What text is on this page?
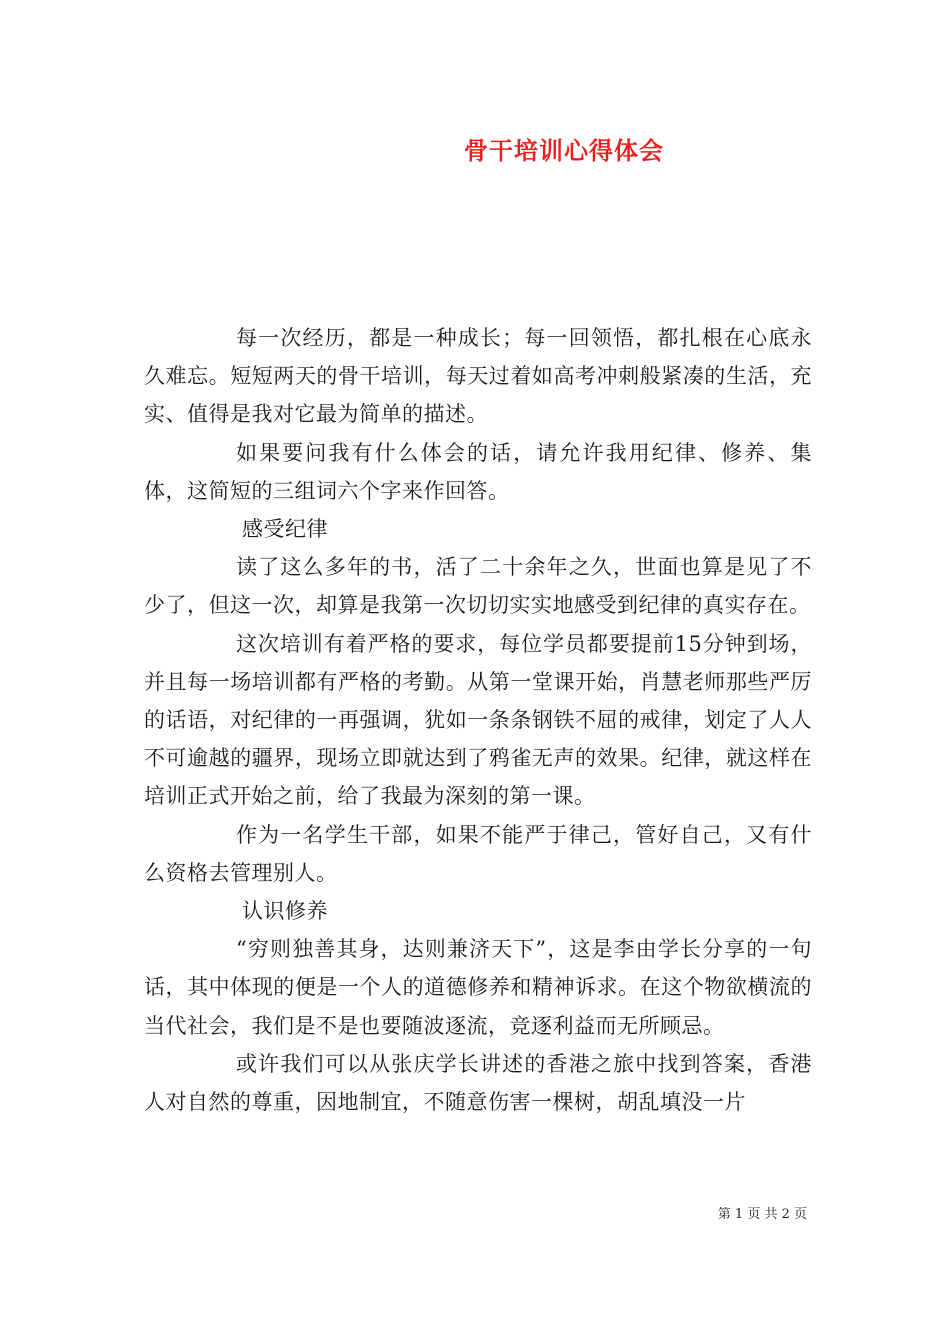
骨干培训心得体会

每一次经历，都是一种成长；每一回领悟，都扎根在心底永久难忘。短短两天的骨干培训，每天过着如高考冲刺般紧凑的生活，充实、值得是我对它最为简单的描述。

如果要问我有什么体会的话，请允许我用纪律、修养、集体，这简短的三组词六个字来作回答。

感受纪律

读了这么多年的书，活了二十余年之久，世面也算是见了不少了，但这一次，却算是我第一次切切实实地感受到纪律的真实存在。

这次培训有着严格的要求，每位学员都要提前15分钟到场，并且每一场培训都有严格的考勤。从第一堂课开始，肖慧老师那些严厉的话语，对纪律的一再强调，犹如一条条钢铁不屈的戒律，划定了人人不可逾越的疆界，现场立即就达到了鸦雀无声的效果。纪律，就这样在培训正式开始之前，给了我最为深刻的第一课。

作为一名学生干部，如果不能严于律己，管好自己，又有什么资格去管理别人。

认识修养

“穷则独善其身，达则兼济天下”，这是李由学长分享的一句话，其中体现的便是一个人的道德修养和精神诉求。在这个物欲横流的当代社会，我们是不是也要随波逐流，竞逐利益而无所顾忌。

或许我们可以从张庆学长讲述的香港之旅中找到答案，香港人对自然的尊重，因地制宜，不随意伤害一棵树，胡乱填没一片

第 1 页 共 2 页
